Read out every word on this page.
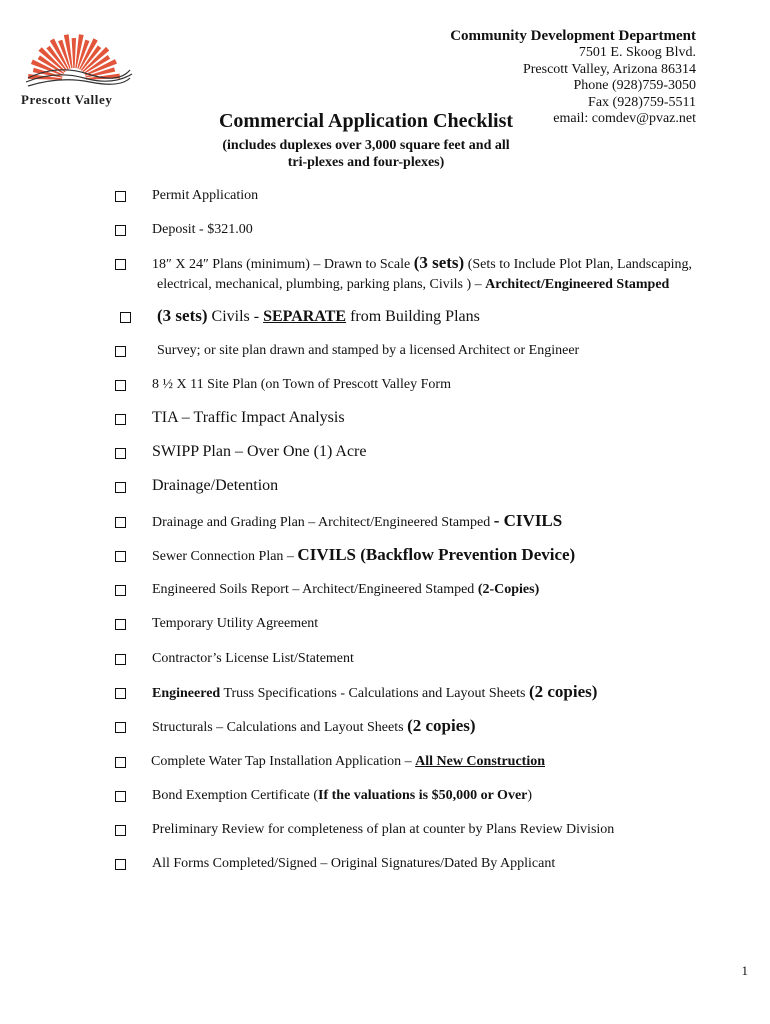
Prescott Valley
Community Development Department
7501 E. Skoog Blvd.
Prescott Valley, Arizona 86314
Phone (928)759-3050
Fax (928)759-5511
email: comdev@pvaz.net
Commercial Application Checklist
(includes duplexes over 3,000 square feet and all
tri-plexes and four-plexes)
Permit Application
Deposit - $321.00
18″ X 24″ Plans (minimum) – Drawn to Scale (3 sets) (Sets to Include Plot Plan, Landscaping,
electrical, mechanical, plumbing, parking plans, Civils ) – Architect/Engineered Stamped
(3 sets) Civils - SEPARATE from Building Plans
Survey; or site plan drawn and stamped by a licensed Architect or Engineer
8 ½ X 11 Site Plan (on Town of Prescott Valley Form
TIA – Traffic Impact Analysis
SWIPP Plan – Over One (1) Acre
Drainage/Detention
Drainage and Grading Plan – Architect/Engineered Stamped - CIVILS
Sewer Connection Plan – CIVILS (Backflow Prevention Device)
Engineered Soils Report – Architect/Engineered Stamped (2-Copies)
Temporary Utility Agreement
Contractor’s License List/Statement
Engineered Truss Specifications - Calculations and Layout Sheets (2 copies)
Structurals – Calculations and Layout Sheets (2 copies)
Complete Water Tap Installation Application – All New Construction
Bond Exemption Certificate (If the valuations is $50,000 or Over)
Preliminary Review for completeness of plan at counter by Plans Review Division
All Forms Completed/Signed – Original Signatures/Dated By Applicant
1
